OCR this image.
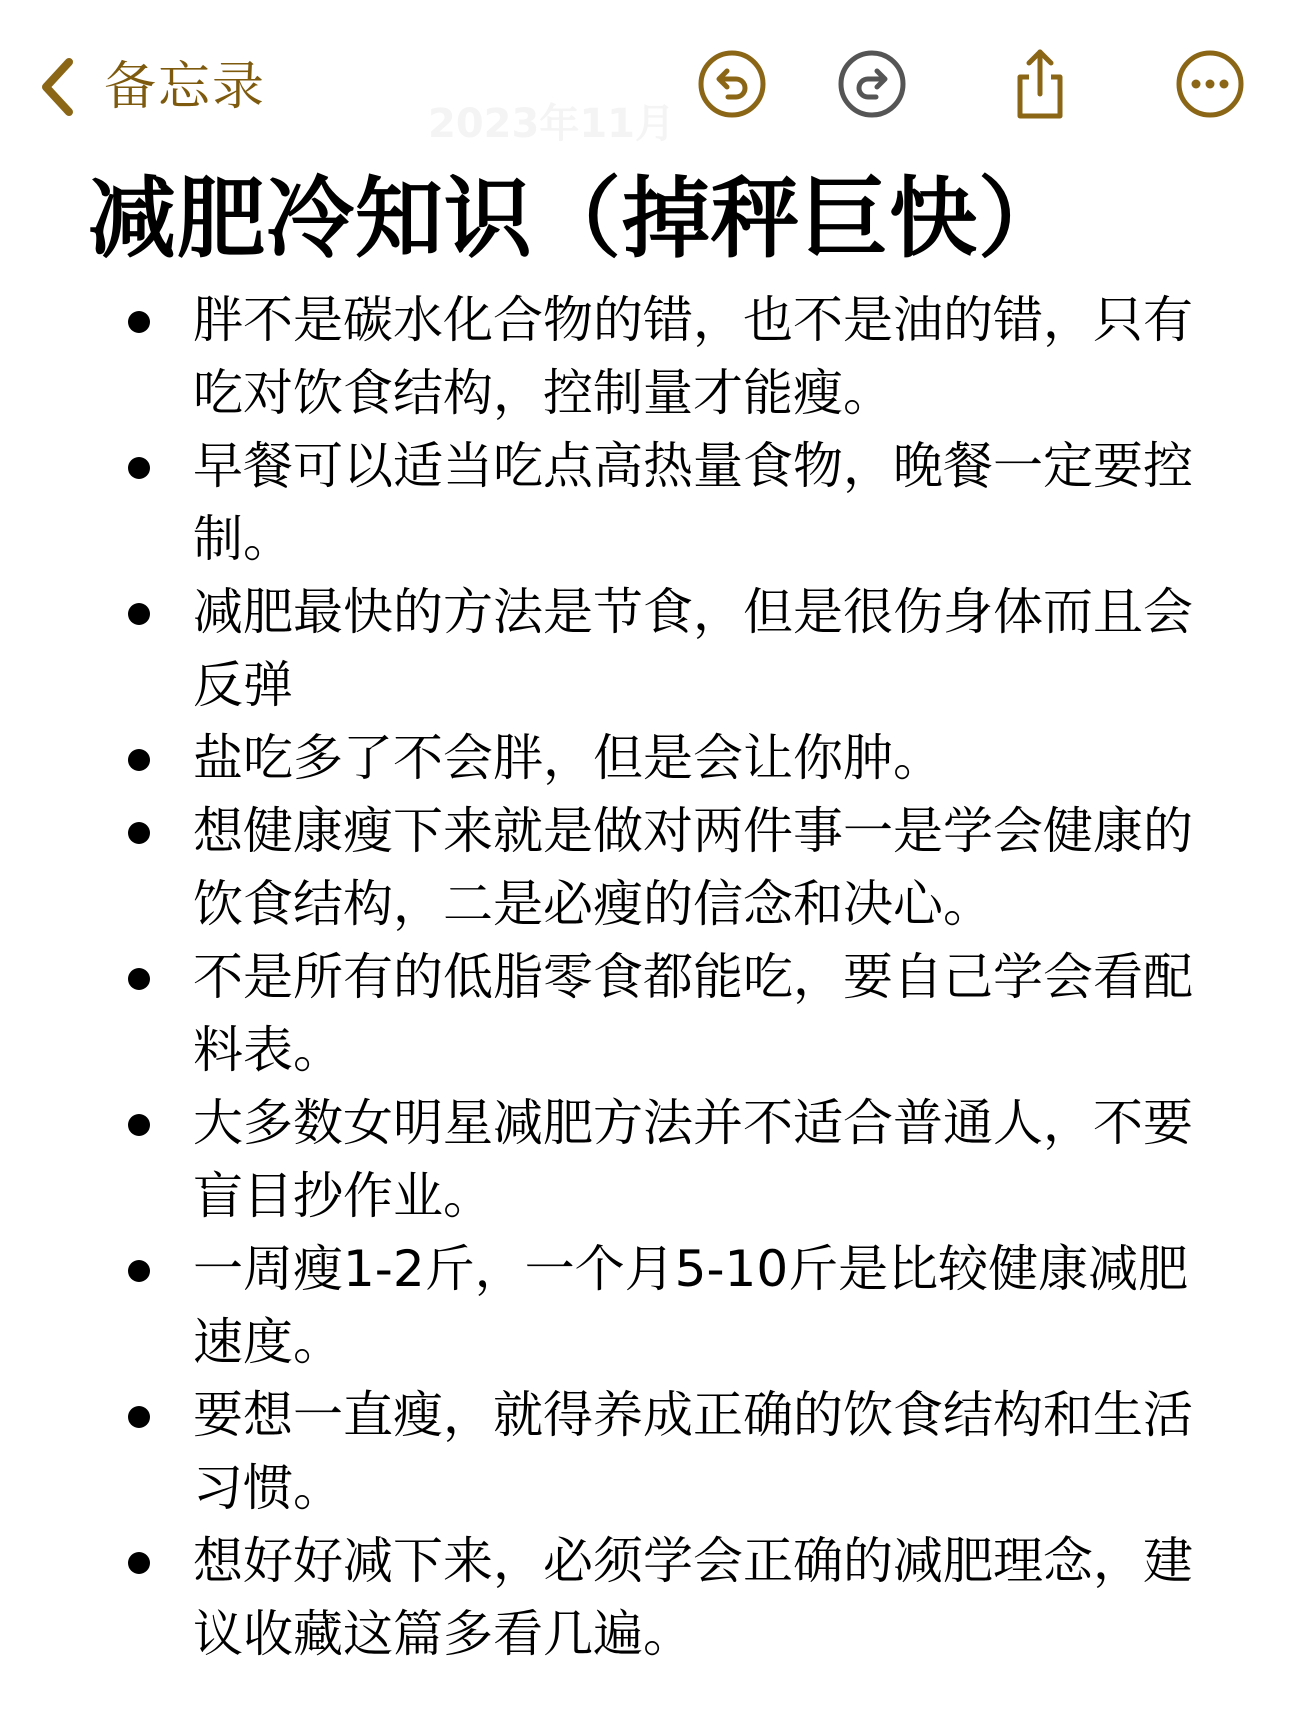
备忘录
2023年11月
减肥冷知识（掉秤巨快）
胖不是碳水化合物的错，也不是油的错，只有吃对饮食结构，控制量才能瘦。
早餐可以适当吃点高热量食物，晚餐一定要控制。
减肥最快的方法是节食，但是很伤身体而且会反弹
盐吃多了不会胖，但是会让你肿。
想健康瘦下来就是做对两件事一是学会健康的饮食结构，二是必瘦的信念和决心。
不是所有的低脂零食都能吃，要自己学会看配料表。
大多数女明星减肥方法并不适合普通人，不要盲目抄作业。
一周瘦1-2斤，一个月5-10斤是比较健康减肥速度。
要想一直瘦，就得养成正确的饮食结构和生活习惯。
想好好减下来，必须学会正确的减肥理念，建议收藏这篇多看几遍。
